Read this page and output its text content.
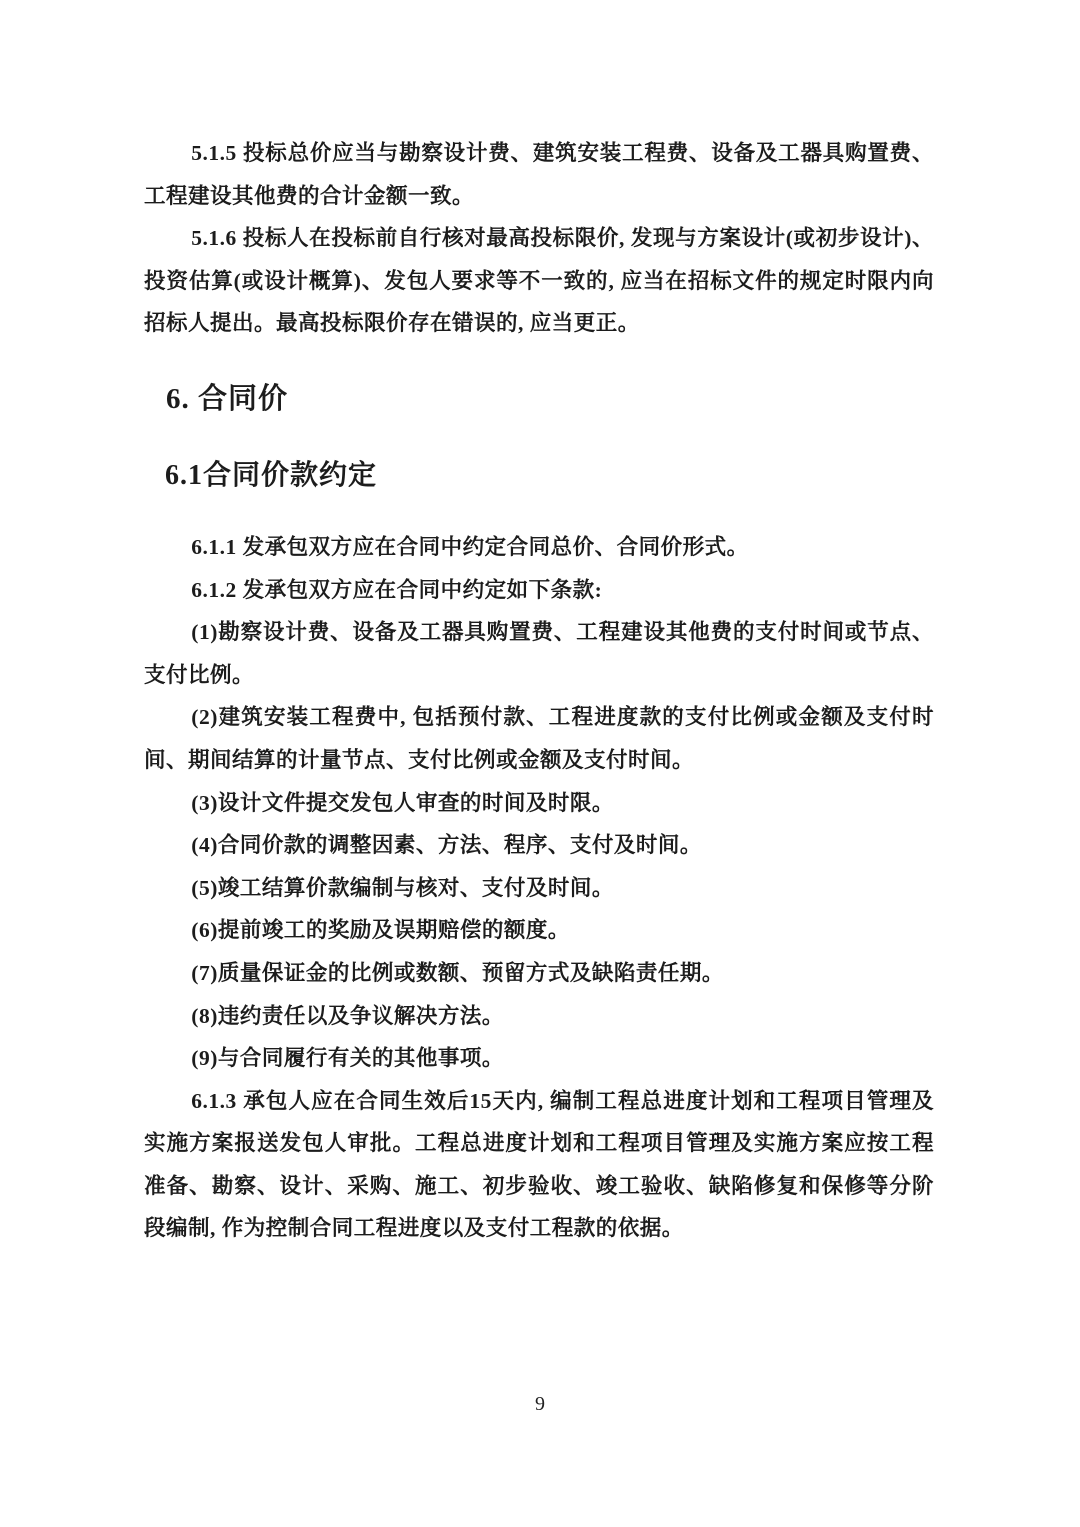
5.1.5 投标总价应当与勘察设计费、建筑安装工程费、设备及工器具购置费、工程建设其他费的合计金额一致。

5.1.6 投标人在投标前自行核对最高投标限价, 发现与方案设计(或初步设计)、投资估算(或设计概算)、发包人要求等不一致的, 应当在招标文件的规定时限内向招标人提出。最高投标限价存在错误的, 应当更正。

6. 合同价
6.1合同价款约定

6.1.1 发承包双方应在合同中约定合同总价、合同价形式。

6.1.2 发承包双方应在合同中约定如下条款:

(1)勘察设计费、设备及工器具购置费、工程建设其他费的支付时间或节点、支付比例。

(2)建筑安装工程费中, 包括预付款、工程进度款的支付比例或金额及支付时间、期间结算的计量节点、支付比例或金额及支付时间。

(3)设计文件提交发包人审查的时间及时限。

(4)合同价款的调整因素、方法、程序、支付及时间。

(5)竣工结算价款编制与核对、支付及时间。

(6)提前竣工的奖励及误期赔偿的额度。

(7)质量保证金的比例或数额、预留方式及缺陷责任期。

(8)违约责任以及争议解决方法。

(9)与合同履行有关的其他事项。

6.1.3 承包人应在合同生效后15天内, 编制工程总进度计划和工程项目管理及实施方案报送发包人审批。工程总进度计划和工程项目管理及实施方案应按工程准备、勘察、设计、采购、施工、初步验收、竣工验收、缺陷修复和保修等分阶段编制, 作为控制合同工程进度以及支付工程款的依据。

9
